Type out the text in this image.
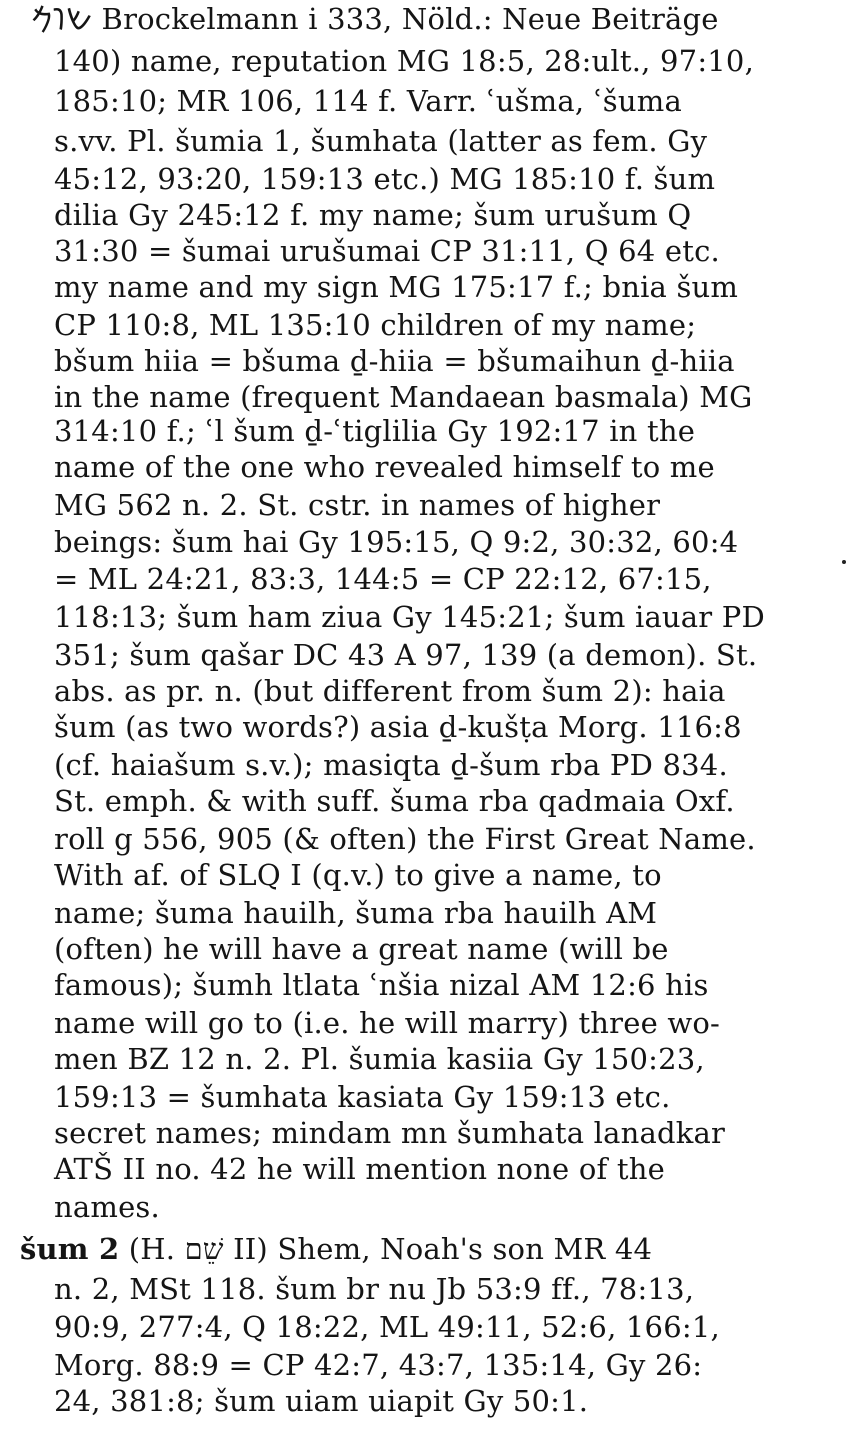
𐡔𐡅𐡌 Brockelmann i 333, Nöld.: Neue Beiträge
140) name, reputation MG 18:5, 28:ult., 97:10,
185:10; MR 106, 114 f. Varr. ʿušma, ʿšuma
s.vv. Pl. šumia 1, šumhata (latter as fem. Gy
45:12, 93:20, 159:13 etc.) MG 185:10 f. šum
dilia Gy 245:12 f. my name; šum urušum Q
31:30 = šumai urušumai CP 31:11, Q 64 etc.
my name and my sign MG 175:17 f.; bnia šum
CP 110:8, ML 135:10 children of my name;
bšum hiia = bšuma ḏ-hiia = bšumaihun ḏ-hiia
in the name (frequent Mandaean basmala) MG
314:10 f.; ʿl šum ḏ-ʿtiglilia Gy 192:17 in the
name of the one who revealed himself to me
MG 562 n. 2. St. cstr. in names of higher
beings: šum hai Gy 195:15, Q 9:2, 30:32, 60:4
= ML 24:21, 83:3, 144:5 = CP 22:12, 67:15,
118:13; šum ham ziua Gy 145:21; šum iauar PD
351; šum qašar DC 43 A 97, 139 (a demon). St.
abs. as pr. n. (but different from šum 2): haia
šum (as two words?) asia ḏ-kušṭa Morg. 116:8
(cf. haiašum s.v.); masiqta ḏ-šum rba PD 834.
St. emph. & with suff. šuma rba qadmaia Oxf.
roll g 556, 905 (& often) the First Great Name.
With af. of SLQ I (q.v.) to give a name, to
name; šuma hauilh, šuma rba hauilh AM
(often) he will have a great name (will be
famous); šumh ltlata ʿnšia nizal AM 12:6 his
name will go to (i.e. he will marry) three wo-
men BZ 12 n. 2. Pl. šumia kasiia Gy 150:23,
159:13 = šumhata kasiata Gy 159:13 etc.
secret names; mindam mn šumhata lanadkar
ATŠ II no. 42 he will mention none of the
names.
šum 2 (H. שֵׁם II) Shem, Noah's son MR 44
n. 2, MSt 118. šum br nu Jb 53:9 ff., 78:13,
90:9, 277:4, Q 18:22, ML 49:11, 52:6, 166:1,
Morg. 88:9 = CP 42:7, 43:7, 135:14, Gy 26:
24, 381:8; šum uiam uiapit Gy 50:1.
